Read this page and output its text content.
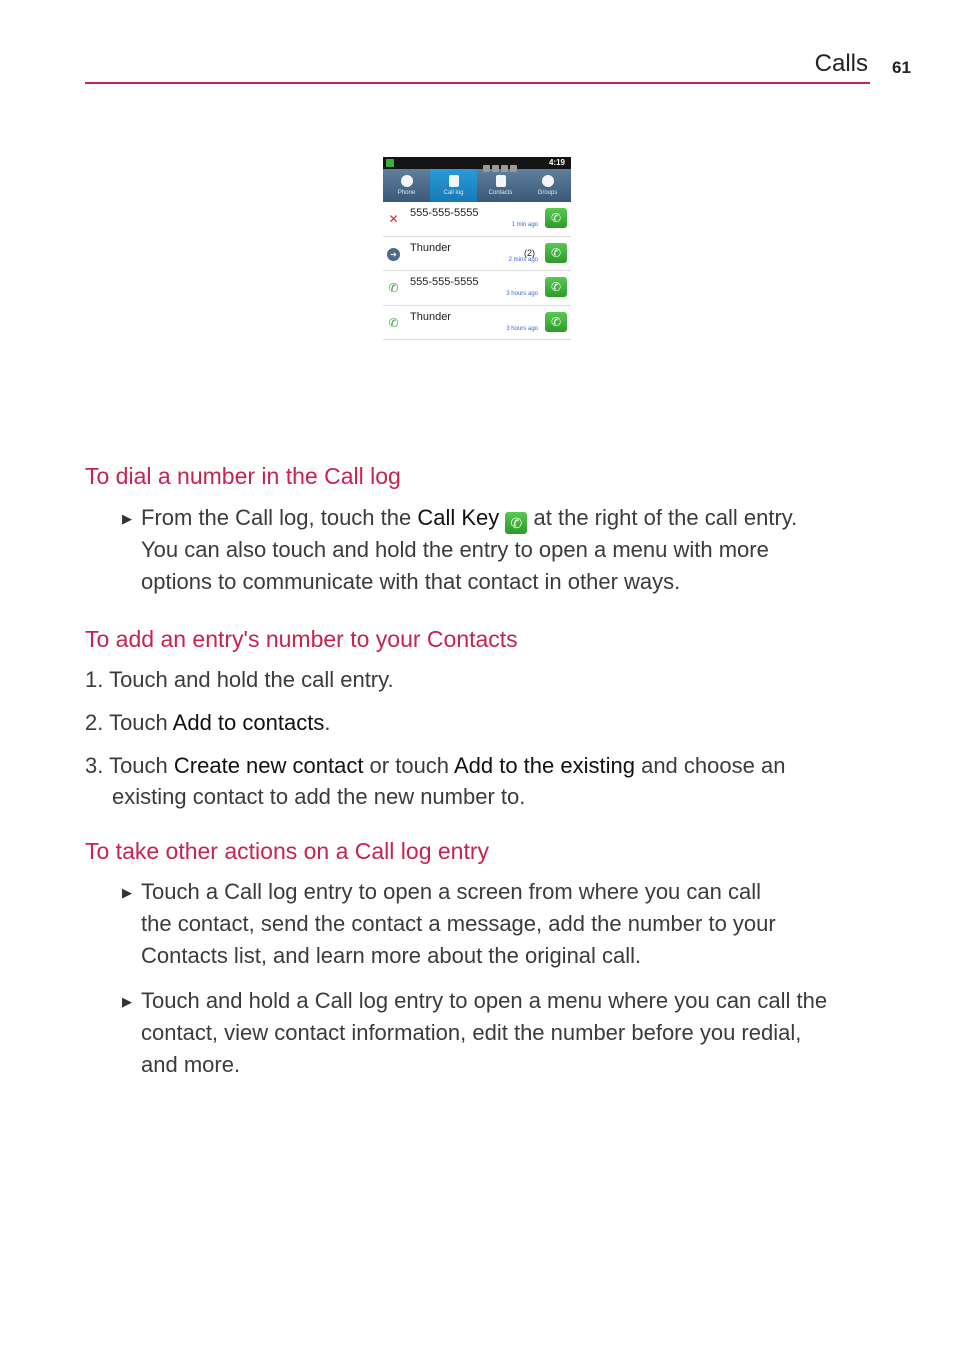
Calls 61
4:19
Phone	Call log	Contacts	Groups
✕ 555-555-5555
1 min ago	✆
➜
Thunder	(2)
2 mins ago	✆
✆ 555-555-5555
3 hours ago	✆
✆ Thunder
3 hours ago	✆
To dial a number in the Call log
▶ From the Call log, touch the Call Key ✆ at the right of the call entry.
You can also touch and hold the entry to open a menu with more
options to communicate with that contact in other ways.
To add an entry's number to your Contacts
1. Touch and hold the call entry.
2. Touch Add to contacts.
3. Touch Create new contact or touch Add to the existing and choose an
existing contact to add the new number to.
To take other actions on a Call log entry
▶ Touch a Call log entry to open a screen from where you can call
the contact, send the contact a message, add the number to your
Contacts list, and learn more about the original call.
▶ Touch and hold a Call log entry to open a menu where you can call the
contact, view contact information, edit the number before you redial,
and more.
